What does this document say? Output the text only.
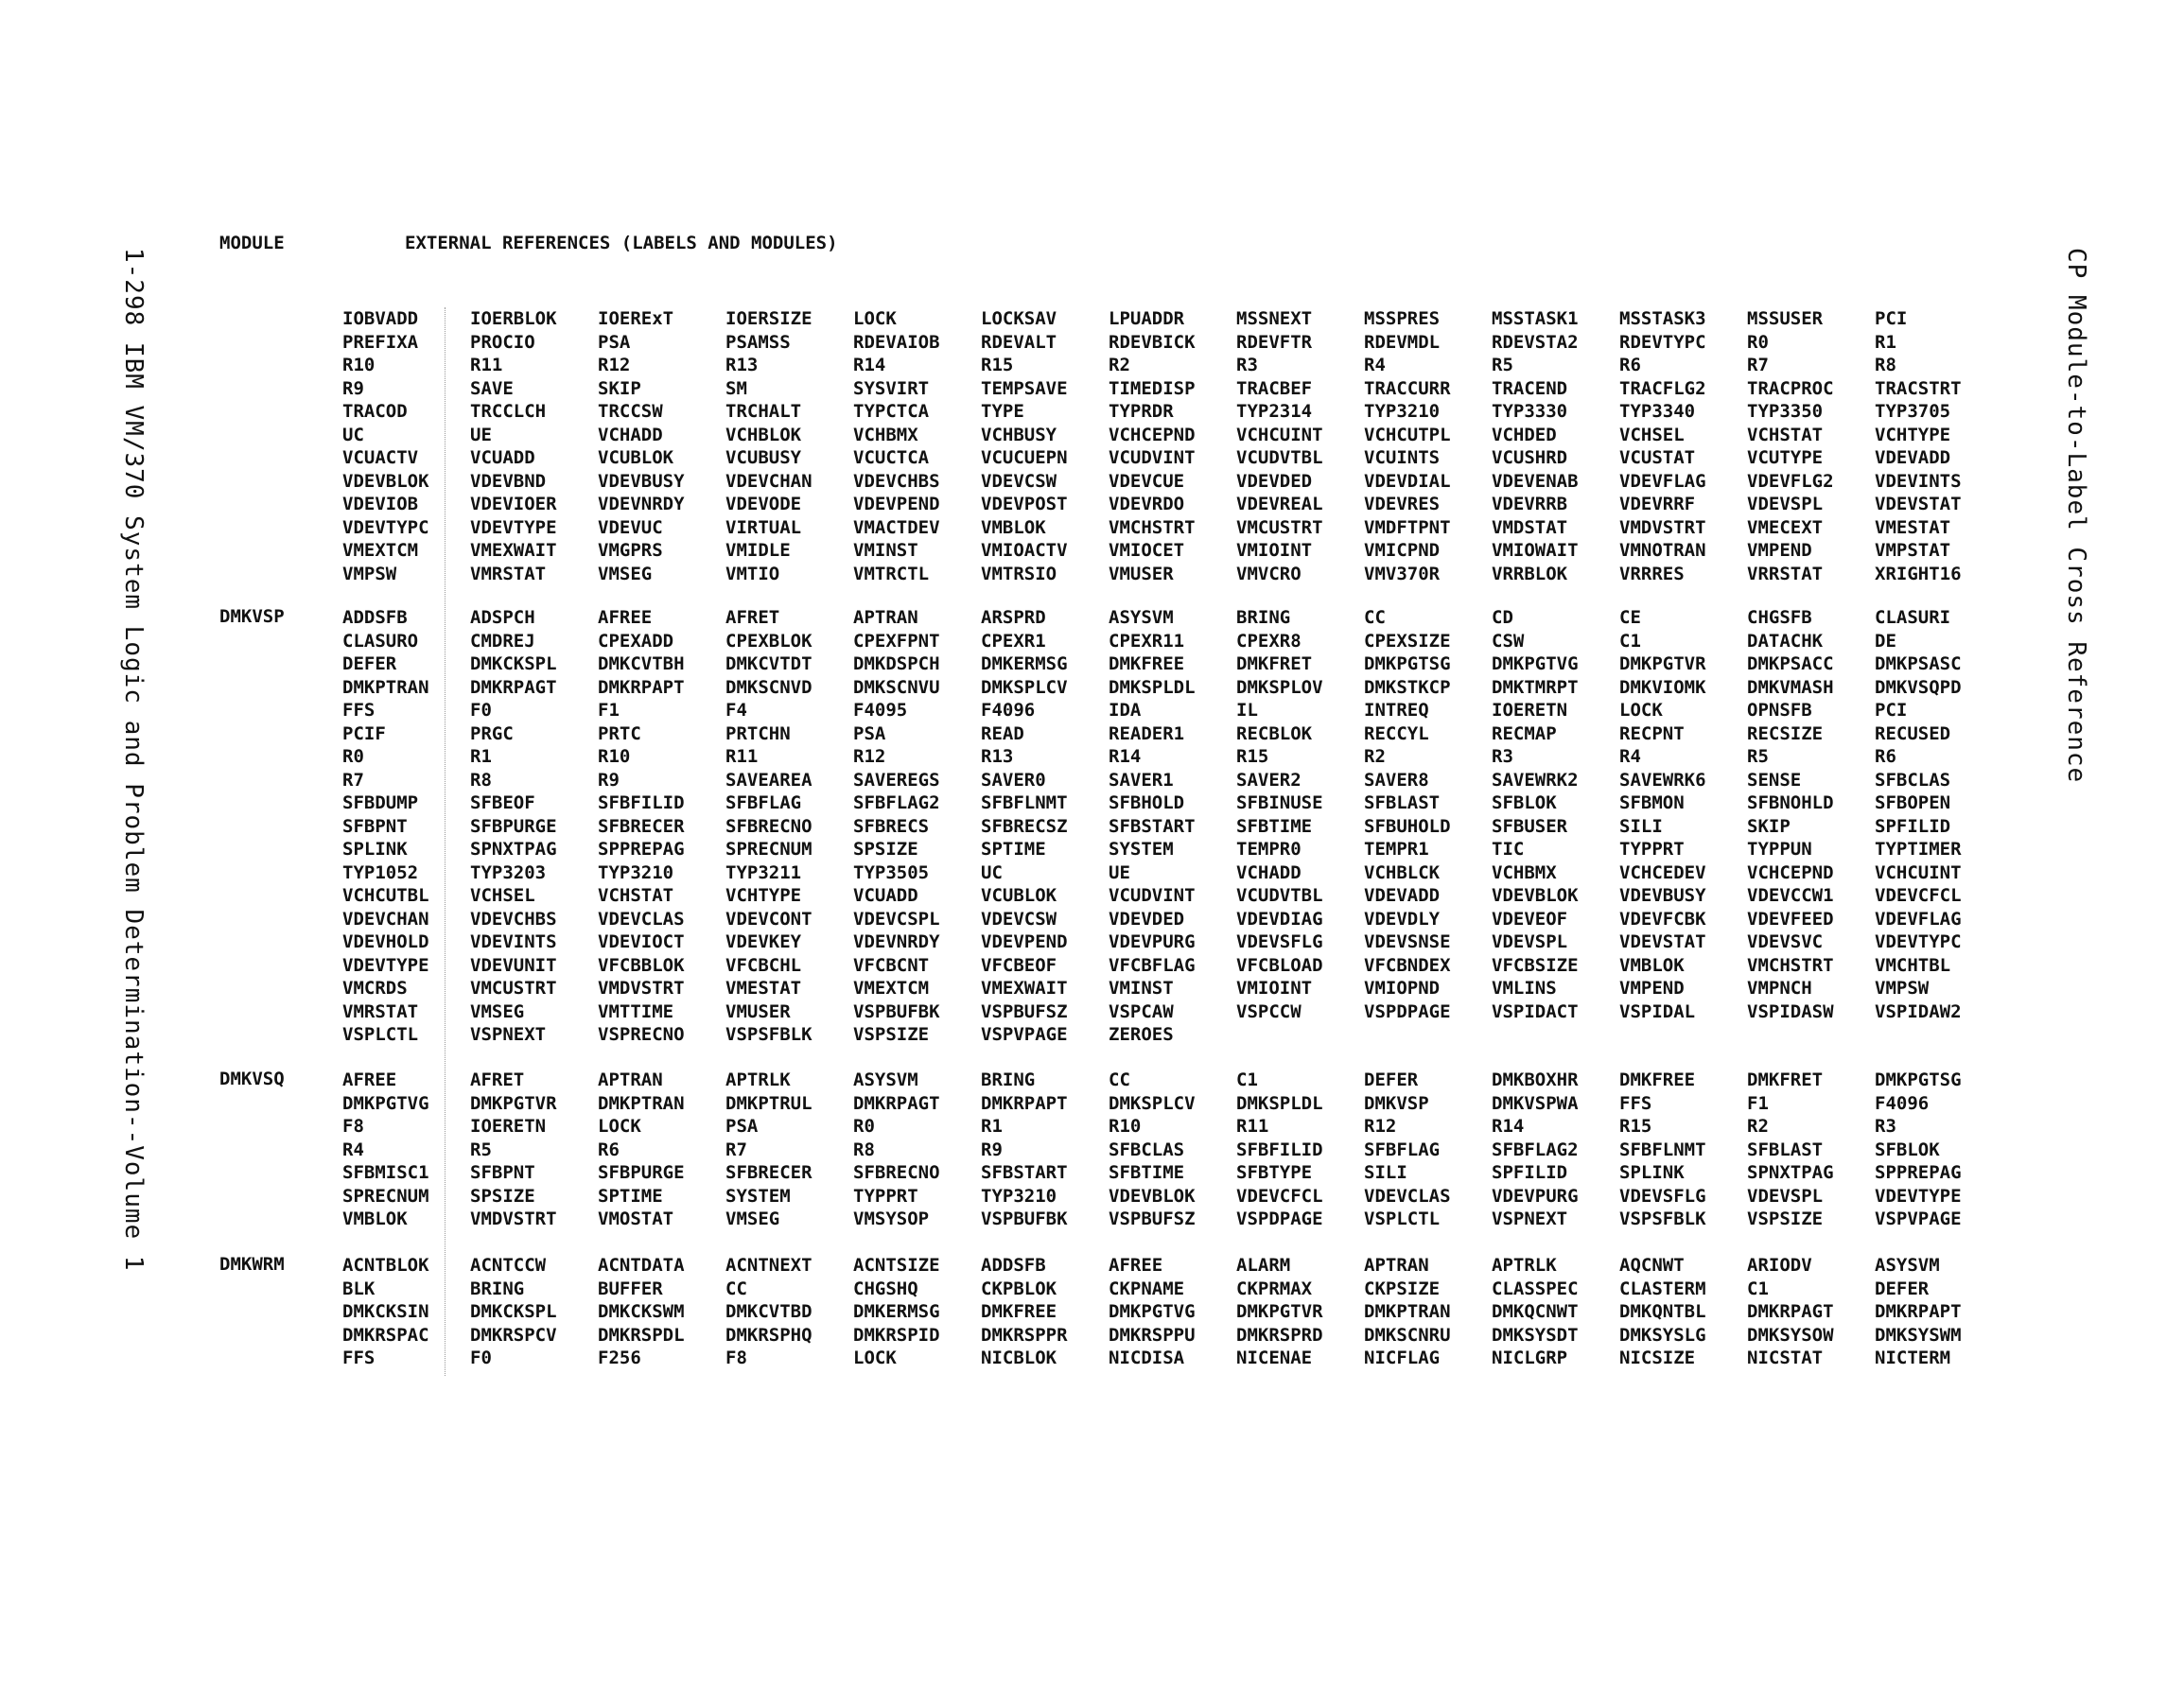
1-298 IBM VM/370 System Logic and Problem Determination--Volume 1	CP Module-to-Label Cross Reference
MODULE	EXTERNAL REFERENCES (LABELS AND MODULES)
IOBVADD	IOERBLOK IOERExT	IOERSIZE LOCK	LOCKSAV	LPUADDR	MSSNEXT	MSSPRES	MSSTASK1 MSSTASK3 MSSUSER	PCI
PREFIXA	PROCIO	PSA	PSAMSS	RDEVAIOB RDEVALT	RDEVBICK RDEVFTR	RDEVMDL	RDEVSTA2 RDEVTYPC R0	R1
R10	R11	R12	R13	R14	R15	R2	R3	R4	R5	R6	R7	R8
R9	SAVE	SKIP	SM	SYSVIRT	TEMPSAVE TIMEDISP TRACBEF	TRACCURR TRACEND	TRACFLG2 TRACPROC TRACSTRT
TRACOD	TRCCLCH	TRCCSW	TRCHALT	TYPCTCA	TYPE	TYPRDR	TYP2314	TYP3210	TYP3330	TYP3340	TYP3350	TYP3705
UC	UE	VCHADD	VCHBLOK	VCHBMX	VCHBUSY	VCHCEPND VCHCUINT VCHCUTPL VCHDED	VCHSEL	VCHSTAT	VCHTYPE
VCUACTV	VCUADD	VCUBLOK	VCUBUSY	VCUCTCA	VCUCUEPN VCUDVINT VCUDVTBL VCUINTS	VCUSHRD	VCUSTAT	VCUTYPE	VDEVADD
VDEVBLOK VDEVBND	VDEVBUSY VDEVCHAN VDEVCHBS VDEVCSW	VDEVCUE	VDEVDED	VDEVDIAL VDEVENAB VDEVFLAG VDEVFLG2 VDEVINTS
VDEVIOB	VDEVIOER VDEVNRDY VDEVODE	VDEVPEND VDEVPOST VDEVRDO	VDEVREAL VDEVRES	VDEVRRB	VDEVRRF	VDEVSPL	VDEVSTAT
VDEVTYPC VDEVTYPE VDEVUC	VIRTUAL	VMACTDEV VMBLOK	VMCHSTRT VMCUSTRT VMDFTPNT VMDSTAT	VMDVSTRT VMECEXT	VMESTAT
VMEXTCM	VMEXWAIT VMGPRS	VMIDLE	VMINST	VMIOACTV VMIOCET	VMIOINT	VMICPND	VMIOWAIT VMNOTRAN VMPEND	VMPSTAT
VMPSW	VMRSTAT	VMSEG	VMTIO	VMTRCTL	VMTRSIO	VMUSER	VMVCRO	VMV370R	VRRBLOK	VRRRES	VRRSTAT	XRIGHT16
DMKVSP	ADDSFB	ADSPCH	AFREE	AFRET	APTRAN	ARSPRD	ASYSVM	BRING	CC	CD	CE	CHGSFB	CLASURI
CLASURO	CMDREJ	CPEXADD	CPEXBLOK CPEXFPNT CPEXR1	CPEXR11	CPEXR8	CPEXSIZE CSW	C1	DATACHK	DE
DEFER	DMKCKSPL DMKCVTBH DMKCVTDT DMKDSPCH DMKERMSG DMKFREE	DMKFRET	DMKPGTSG DMKPGTVG DMKPGTVR DMKPSACC DMKPSASC
DMKPTRAN DMKRPAGT DMKRPAPT DMKSCNVD DMKSCNVU DMKSPLCV DMKSPLDL DMKSPLOV DMKSTKCP DMKTMRPT DMKVIOMK DMKVMASH DMKVSQPD
FFS	F0	F1	F4	F4095	F4096	IDA	IL	INTREQ	IOERETN	LOCK	OPNSFB	PCI
PCIF	PRGC	PRTC	PRTCHN	PSA	READ	READER1	RECBLOK	RECCYL	RECMAP	RECPNT	RECSIZE	RECUSED
R0	R1	R10	R11	R12	R13	R14	R15	R2	R3	R4	R5	R6
R7	R8	R9	SAVEAREA SAVEREGS SAVER0	SAVER1	SAVER2	SAVER8	SAVEWRK2 SAVEWRK6 SENSE	SFBCLAS
SFBDUMP	SFBEOF	SFBFILID SFBFLAG	SFBFLAG2 SFBFLNMT SFBHOLD	SFBINUSE SFBLAST	SFBLOK	SFBMON	SFBNOHLD SFBOPEN
SFBPNT	SFBPURGE SFBRECER SFBRECNO SFBRECS	SFBRECSZ SFBSTART SFBTIME	SFBUHOLD SFBUSER	SILI	SKIP	SPFILID
SPLINK	SPNXTPAG SPPREPAG SPRECNUM SPSIZE	SPTIME	SYSTEM	TEMPR0	TEMPR1	TIC	TYPPRT	TYPPUN	TYPTIMER
TYP1052	TYP3203	TYP3210	TYP3211	TYP3505	UC	UE	VCHADD	VCHBLCK	VCHBMX	VCHCEDEV VCHCEPND VCHCUINT
VCHCUTBL VCHSEL	VCHSTAT	VCHTYPE	VCUADD	VCUBLOK	VCUDVINT VCUDVTBL VDEVADD	VDEVBLOK VDEVBUSY VDEVCCW1 VDEVCFCL
VDEVCHAN VDEVCHBS VDEVCLAS VDEVCONT VDEVCSPL VDEVCSW	VDEVDED	VDEVDIAG VDEVDLY	VDEVEOF	VDEVFCBK VDEVFEED VDEVFLAG
VDEVHOLD VDEVINTS VDEVIOCT VDEVKEY	VDEVNRDY VDEVPEND VDEVPURG VDEVSFLG VDEVSNSE VDEVSPL	VDEVSTAT VDEVSVC	VDEVTYPC
VDEVTYPE VDEVUNIT VFCBBLOK VFCBCHL	VFCBCNT	VFCBEOF	VFCBFLAG VFCBLOAD VFCBNDEX VFCBSIZE VMBLOK	VMCHSTRT VMCHTBL
VMCRDS	VMCUSTRT VMDVSTRT VMESTAT	VMEXTCM	VMEXWAIT VMINST	VMIOINT	VMIOPND	VMLINS	VMPEND	VMPNCH	VMPSW
VMRSTAT	VMSEG	VMTTIME	VMUSER	VSPBUFBK VSPBUFSZ VSPCAW	VSPCCW	VSPDPAGE VSPIDACT VSPIDAL	VSPIDASW VSPIDAW2
VSPLCTL	VSPNEXT	VSPRECNO VSPSFBLK VSPSIZE	VSPVPAGE ZEROES
DMKVSQ	AFREE	AFRET	APTRAN	APTRLK	ASYSVM	BRING	CC	C1	DEFER	DMKBOXHR DMKFREE	DMKFRET	DMKPGTSG
DMKPGTVG DMKPGTVR DMKPTRAN DMKPTRUL DMKRPAGT DMKRPAPT DMKSPLCV DMKSPLDL DMKVSP	DMKVSPWA FFS	F1	F4096
F8	IOERETN	LOCK	PSA	R0	R1	R10	R11	R12	R14	R15	R2	R3
R4	R5	R6	R7	R8	R9	SFBCLAS	SFBFILID SFBFLAG	SFBFLAG2 SFBFLNMT SFBLAST	SFBLOK
SFBMISC1 SFBPNT	SFBPURGE SFBRECER SFBRECNO SFBSTART SFBTIME	SFBTYPE	SILI	SPFILID	SPLINK	SPNXTPAG SPPREPAG
SPRECNUM SPSIZE	SPTIME	SYSTEM	TYPPRT	TYP3210	VDEVBLOK VDEVCFCL VDEVCLAS VDEVPURG VDEVSFLG VDEVSPL	VDEVTYPE
VMBLOK	VMDVSTRT VMOSTAT	VMSEG	VMSYSOP	VSPBUFBK VSPBUFSZ VSPDPAGE VSPLCTL	VSPNEXT	VSPSFBLK VSPSIZE	VSPVPAGE
DMKWRM	ACNTBLOK ACNTCCW	ACNTDATA ACNTNEXT ACNTSIZE ADDSFB	AFREE	ALARM	APTRAN	APTRLK	AQCNWT	ARIODV	ASYSVM
BLK	BRING	BUFFER	CC	CHGSHQ	CKPBLOK	CKPNAME	CKPRMAX	CKPSIZE	CLASSPEC CLASTERM C1	DEFER
DMKCKSIN DMKCKSPL DMKCKSWM DMKCVTBD DMKERMSG DMKFREE	DMKPGTVG DMKPGTVR DMKPTRAN DMKQCNWT DMKQNTBL DMKRPAGT DMKRPAPT
DMKRSPAC DMKRSPCV DMKRSPDL DMKRSPHQ DMKRSPID DMKRSPPR DMKRSPPU DMKRSPRD DMKSCNRU DMKSYSDT DMKSYSLG DMKSYSOW DMKSYSWM
FFS	F0	F256	F8	LOCK	NICBLOK	NICDISA	NICENAE	NICFLAG	NICLGRP	NICSIZE	NICSTAT	NICTERM
